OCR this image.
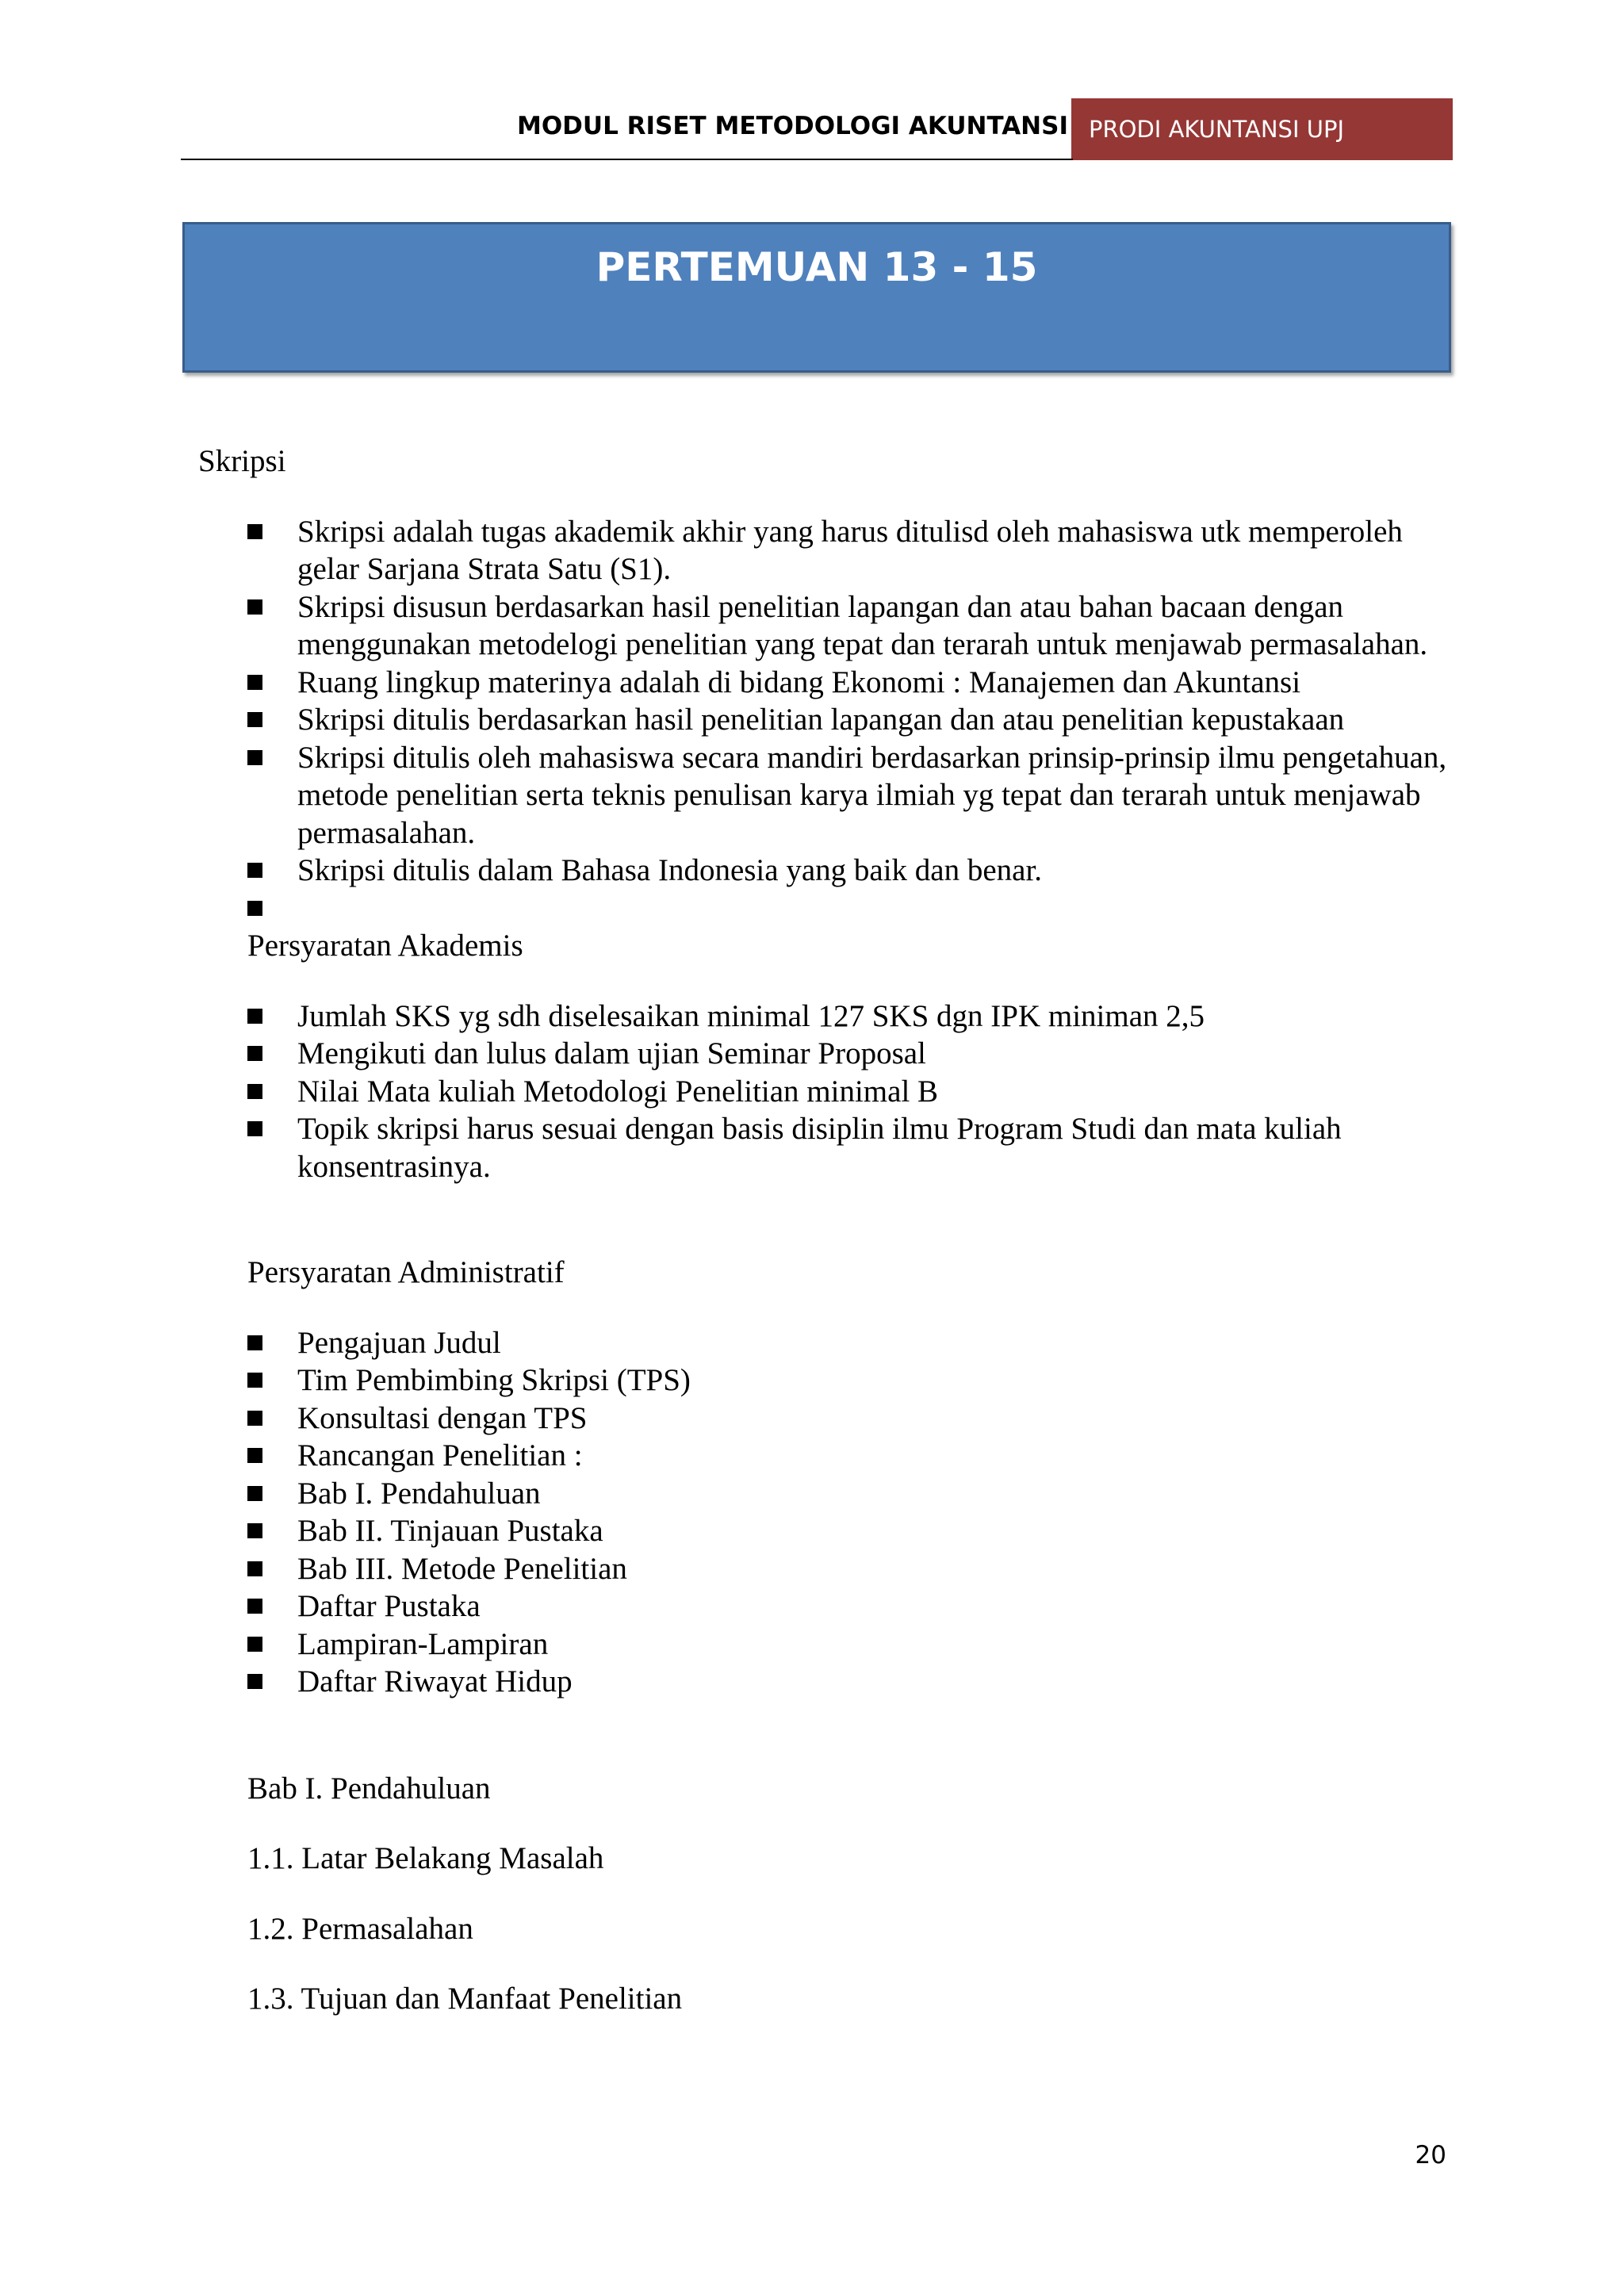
MODUL RISET METODOLOGI AKUNTANSI PRODI AKUNTANSI UPJ
PERTEMUAN 13 - 15

Skripsi

Skripsi adalah tugas akademik akhir yang harus ditulisd oleh mahasiswa utk memperoleh gelar Sarjana Strata Satu (S1).
Skripsi disusun berdasarkan hasil penelitian lapangan dan atau bahan bacaan dengan menggunakan metodelogi penelitian yang tepat dan terarah untuk menjawab permasalahan.
Ruang lingkup materinya adalah di bidang Ekonomi : Manajemen dan Akuntansi
Skripsi ditulis berdasarkan hasil penelitian lapangan dan atau penelitian kepustakaan
Skripsi ditulis oleh mahasiswa secara mandiri berdasarkan prinsip-prinsip ilmu pengetahuan, metode penelitian serta teknis penulisan karya ilmiah yg tepat dan terarah untuk menjawab permasalahan.
Skripsi ditulis dalam Bahasa Indonesia yang baik dan benar.

Persyaratan Akademis

Jumlah SKS yg sdh diselesaikan minimal 127 SKS dgn IPK miniman 2,5
Mengikuti dan lulus dalam ujian Seminar Proposal
Nilai Mata kuliah Metodologi Penelitian minimal B
Topik skripsi harus sesuai dengan basis disiplin ilmu Program Studi dan mata kuliah konsentrasinya.

Persyaratan Administratif

Pengajuan Judul
Tim Pembimbing Skripsi (TPS)
Konsultasi dengan TPS
Rancangan Penelitian :
Bab I. Pendahuluan
Bab II. Tinjauan Pustaka
Bab III. Metode Penelitian
Daftar Pustaka
Lampiran-Lampiran
Daftar Riwayat Hidup

Bab I. Pendahuluan

1.1. Latar Belakang Masalah

1.2. Permasalahan

1.3. Tujuan dan Manfaat Penelitian

20
